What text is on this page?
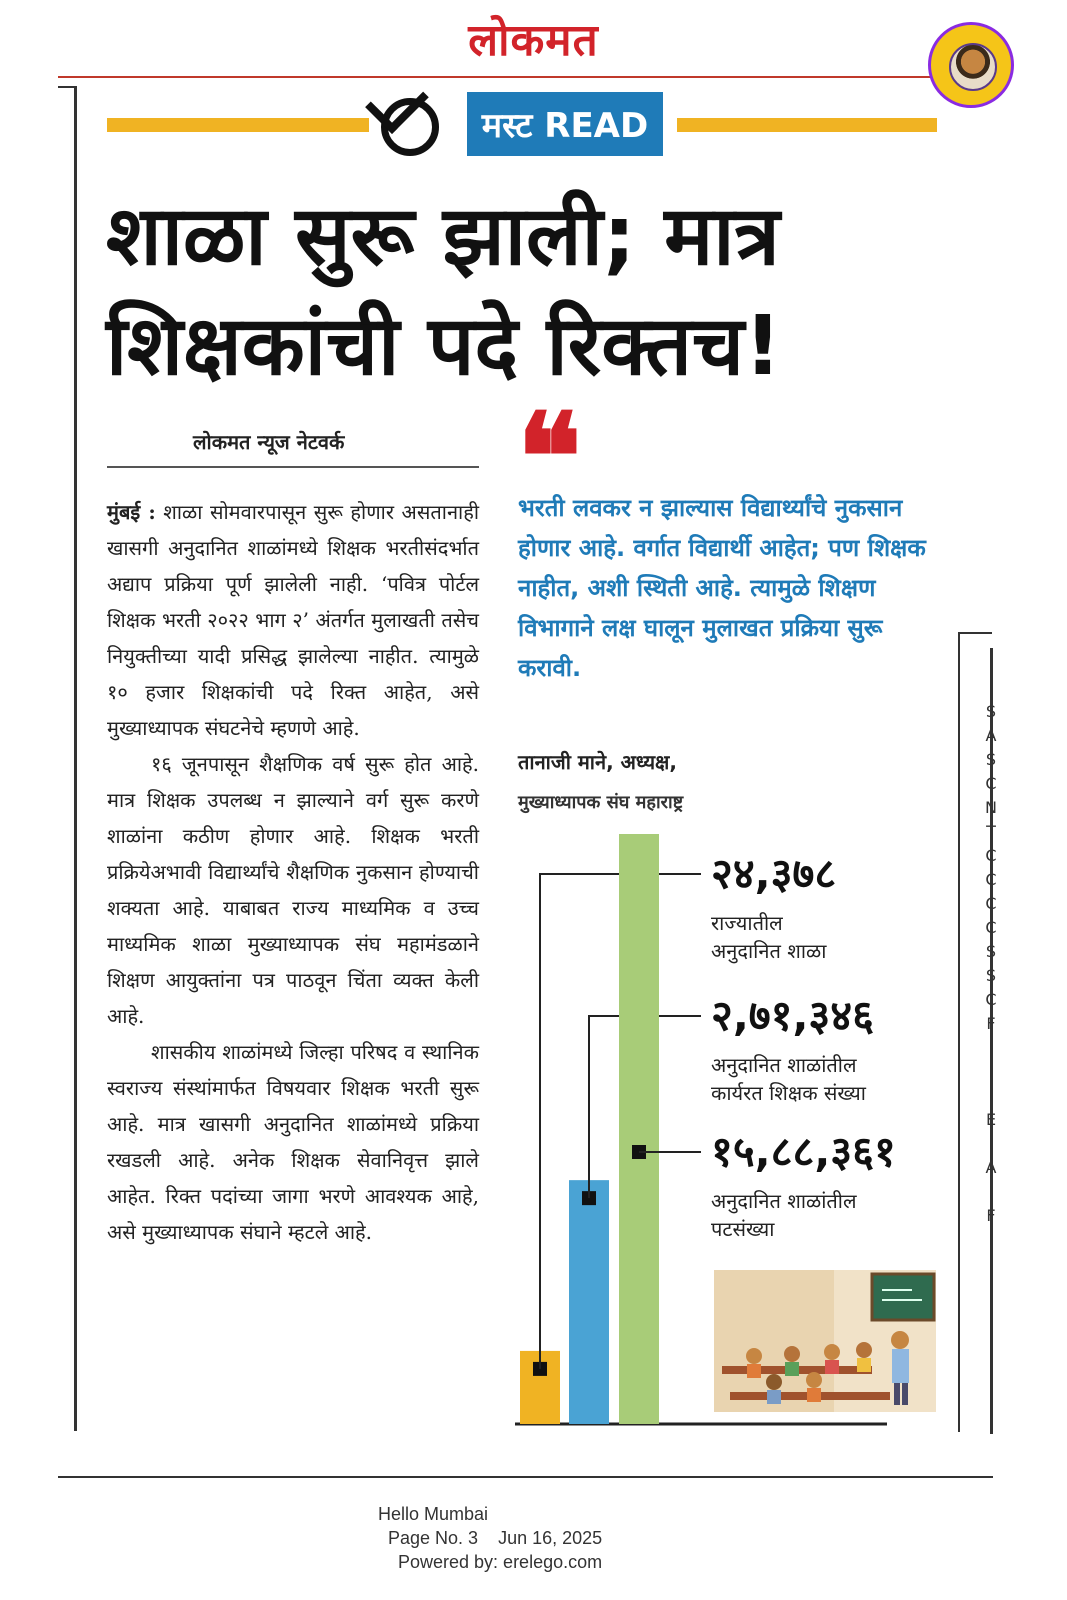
लोकमत
मस्ट READ
शाळा सुरू झाली; मात्र
शिक्षकांची पदे रिक्तच!
लोकमत न्यूज नेटवर्क

मुंबई : शाळा सोमवारपासून सुरू होणार असतानाही खासगी अनुदानित शाळांमध्ये शिक्षक भरतीसंदर्भात अद्याप प्रक्रिया पूर्ण झालेली नाही. ‘पवित्र पोर्टल शिक्षक भरती २०२२ भाग २’ अंतर्गत मुलाखती तसेच नियुक्तीच्या यादी प्रसिद्ध झालेल्या नाहीत. त्यामुळे १० हजार शिक्षकांची पदे रिक्त आहेत, असे मुख्याध्यापक संघटनेचे म्हणणे आहे.

१६ जूनपासून शैक्षणिक वर्ष सुरू होत आहे. मात्र शिक्षक उपलब्ध न झाल्याने वर्ग सुरू करणे शाळांना कठीण होणार आहे. शिक्षक भरती प्रक्रियेअभावी विद्यार्थ्यांचे शैक्षणिक नुकसान होण्याची शक्यता आहे. याबाबत राज्य माध्यमिक व उच्च माध्यमिक शाळा मुख्याध्यापक संघ महामंडळाने शिक्षण आयुक्तांना पत्र पाठवून चिंता व्यक्त केली आहे.

शासकीय शाळांमध्ये जिल्हा परिषद व स्थानिक स्वराज्य संस्थांमार्फत विषयवार शिक्षक भरती सुरू आहे. मात्र खासगी अनुदानित शाळांमध्ये प्रक्रिया रखडली आहे. अनेक शिक्षक सेवानिवृत्त झाले आहेत. रिक्त पदांच्या जागा भरणे आवश्यक आहे, असे मुख्याध्यापक संघाने म्हटले आहे.

❝
भरती लवकर न झाल्यास विद्यार्थ्यांचे नुकसान होणार आहे. वर्गात विद्यार्थी आहेत; पण शिक्षक नाहीत, अशी स्थिती आहे. त्यामुळे शिक्षण विभागाने लक्ष घालून मुलाखत प्रक्रिया सुरू करावी.
तानाजी माने, अध्यक्ष,
मुख्याध्यापक संघ महाराष्ट्र
२४,३७८
राज्यातील
अनुदानित शाळा
२,७१,३४६
अनुदानित शाळांतील
कार्यरत शिक्षक संख्या
१५,८८,३६१
अनुदानित शाळांतील
पटसंख्या
S
A
S
C
N
T
C
C
C
C
S
S
C
F
I
I
I
E
I
A
I
F
I
Hello Mumbai
Page No. 3    Jun 16, 2025
Powered by: erelego.com
